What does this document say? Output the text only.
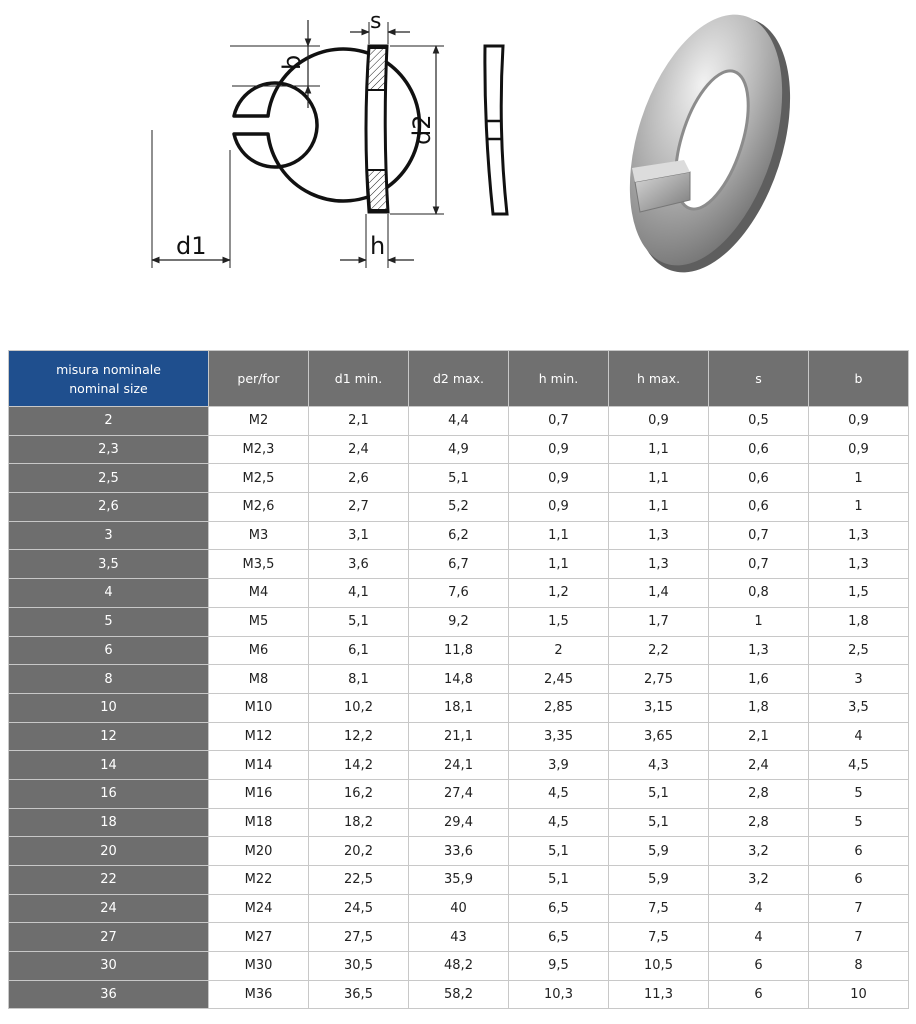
d1
b
s
d2
h
misura nominale
nominal size	per/for	d1 min.	d2 max.	h min.	h max.	s	b
2	M2	2,1	4,4	0,7	0,9	0,5	0,9
2,3	M2,3	2,4	4,9	0,9	1,1	0,6	0,9
2,5	M2,5	2,6	5,1	0,9	1,1	0,6	1
2,6	M2,6	2,7	5,2	0,9	1,1	0,6	1
3	M3	3,1	6,2	1,1	1,3	0,7	1,3
3,5	M3,5	3,6	6,7	1,1	1,3	0,7	1,3
4	M4	4,1	7,6	1,2	1,4	0,8	1,5
5	M5	5,1	9,2	1,5	1,7	1	1,8
6	M6	6,1	11,8	2	2,2	1,3	2,5
8	M8	8,1	14,8	2,45	2,75	1,6	3
10	M10	10,2	18,1	2,85	3,15	1,8	3,5
12	M12	12,2	21,1	3,35	3,65	2,1	4
14	M14	14,2	24,1	3,9	4,3	2,4	4,5
16	M16	16,2	27,4	4,5	5,1	2,8	5
18	M18	18,2	29,4	4,5	5,1	2,8	5
20	M20	20,2	33,6	5,1	5,9	3,2	6
22	M22	22,5	35,9	5,1	5,9	3,2	6
24	M24	24,5	40	6,5	7,5	4	7
27	M27	27,5	43	6,5	7,5	4	7
30	M30	30,5	48,2	9,5	10,5	6	8
36	M36	36,5	58,2	10,3	11,3	6	10
